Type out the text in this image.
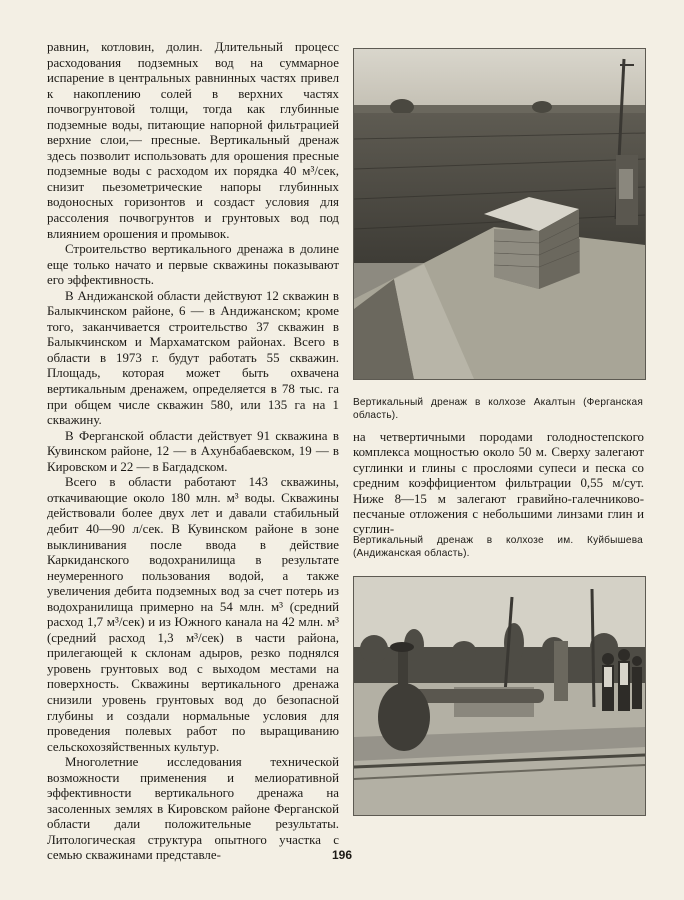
равнин, котловин, долин. Длительный процесс расходования подземных вод на суммарное испарение в центральных равнинных частях привел к накоплению солей в верхних частях почвогрунтовой толщи, тогда как глубинные подземные воды, питающие напорной фильтрацией верхние слои,— пресные. Вертикальный дренаж здесь позволит использовать для орошения пресные подземные воды с расходом их порядка 40 м³/сек, снизит пьезометрические напоры глубинных водоносных горизонтов и создаст условия для рассоления почвогрунтов и грунтовых вод под влиянием орошения и промывок.

Строительство вертикального дренажа в долине еще только начато и первые скважины показывают его эффективность.

В Андижанской области действуют 12 скважин в Балыкчинском районе, 6 — в Андижанском; кроме того, заканчивается строительство 37 скважин в Балыкчинском и Мархаматском районах. Всего в области в 1973 г. будут работать 55 скважин. Площадь, которая может быть охвачена вертикальным дренажем, определяется в 78 тыс. га при общем числе скважин 580, или 135 га на 1 скважину.

В Ферганской области действует 91 скважина в Кувинском районе, 12 — в Ахунбабаевском, 19 — в Кировском и 22 — в Багдадском.

Всего в области работают 143 скважины, откачивающие около 180 млн. м³ воды. Скважины действовали более двух лет и давали стабильный дебит 40—90 л/сек. В Кувинском районе в зоне выклинивания после ввода в действие Каркиданского водохранилища в результате неумеренного пользования водой, а также увеличения дебита подземных вод за счет потерь из водохранилища примерно на 54 млн. м³ (средний расход 1,7 м³/сек) и из Южного канала на 42 млн. м³ (средний расход 1,3 м³/сек) в части района, прилегающей к склонам адыров, резко поднялся уровень грунтовых вод с выходом местами на поверхность. Скважины вертикального дренажа снизили уровень грунтовых вод до безопасной глубины и создали нормальные условия для проведения полевых работ по выращиванию сельскохозяйственных культур.

Многолетние исследования технической возможности применения и мелиоративной эффективности вертикального дренажа на засоленных землях в Кировском районе Ферганской области дали положительные результаты. Литологическая структура опытного участка с семью скважинами представле-

Вертикальный дренаж в колхозе Акалтын (Ферганская область).

на четвертичными породами голодностепского комплекса мощностью около 50 м. Сверху залегают суглинки и глины с прослоями супеси и песка со средним коэффициентом фильтрации 0,55 м/сут. Ниже 8—15 м залегают гравийно-галечниково-песчаные отложения с небольшими линзами глин и суглин-

Вертикальный дренаж в колхозе им. Куйбышева (Андижанская область).
196
